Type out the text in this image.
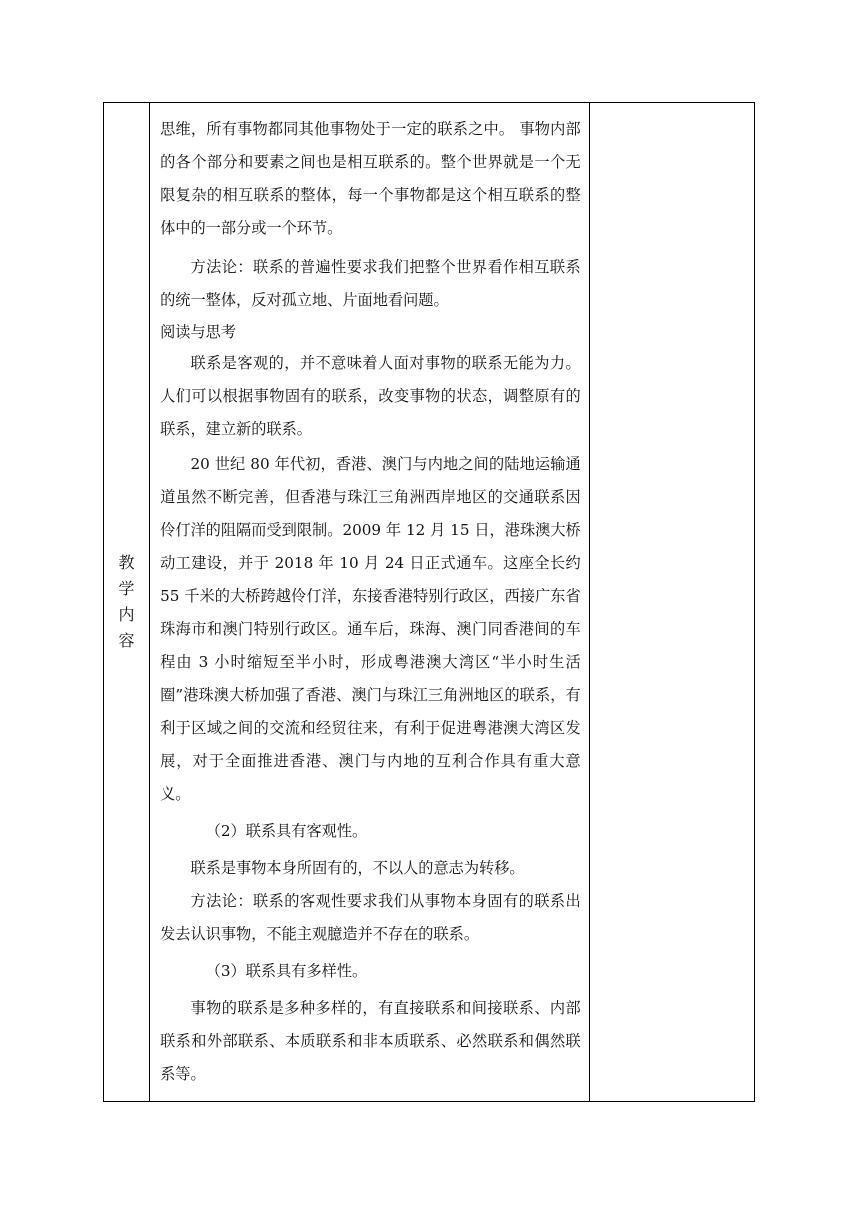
教学内容	

思维，所有事物都同其他事物处于一定的联系之中。 事物内部的各个部分和要素之间也是相互联系的。整个世界就是一个无限复杂的相互联系的整体，每一个事物都是这个相互联系的整体中的一部分或一个环节。

方法论：联系的普遍性要求我们把整个世界看作相互联系的统一整体，反对孤立地、片面地看问题。

阅读与思考

联系是客观的，并不意味着人面对事物的联系无能为力。人们可以根据事物固有的联系，改变事物的状态，调整原有的联系，建立新的联系。

20 世纪 80 年代初，香港、澳门与内地之间的陆地运输通道虽然不断完善，但香港与珠江三角洲西岸地区的交通联系因伶仃洋的阻隔而受到限制。2009 年 12 月 15 日，港珠澳大桥动工建设，并于 2018 年 10 月 24 日正式通车。这座全长约 55 千米的大桥跨越伶仃洋，东接香港特别行政区，西接广东省珠海市和澳门特别行政区。通车后，珠海、澳门同香港间的车程由 3 小时缩短至半小时，形成粤港澳大湾区“半小时生活圈”港珠澳大桥加强了香港、澳门与珠江三角洲地区的联系，有利于区域之间的交流和经贸往来，有利于促进粤港澳大湾区发展，对于全面推进香港、澳门与内地的互利合作具有重大意义。

（2）联系具有客观性。

联系是事物本身所固有的，不以人的意志为转移。

方法论：联系的客观性要求我们从事物本身固有的联系出发去认识事物，不能主观臆造并不存在的联系。

（3）联系具有多样性。

事物的联系是多种多样的，有直接联系和间接联系、内部联系和外部联系、本质联系和非本质联系、必然联系和偶然联系等。
